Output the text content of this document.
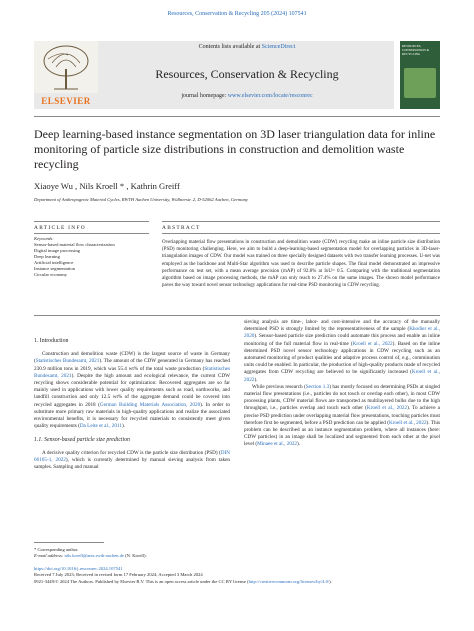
Resources, Conservation & Recycling 205 (2024) 107541
ELSEVIER
Contents lists available at ScienceDirect
Resources, Conservation & Recycling
journal homepage: www.elsevier.com/locate/resconrec
RESOURCES, CONSERVATION & RECYCLING
Deep learning-based instance segmentation on 3D laser triangulation data for inline monitoring of particle size distributions in construction and demolition waste recycling
Xiaoye Wu , Nils Kroell * , Kathrin Greiff
Department of Anthropogenic Material Cycles, RWTH Aachen University, Wüllnerstr. 2, D-52062 Aachen, Germany
ARTICLE INFO
Keywords:
Sensor-based material flow characterization
Digital image processing
Deep learning
Artificial intelligence
Instance segmentation
Circular economy
ABSTRACT
Overlapping material flow presentations in construction and demolition waste (CDW) recycling make an inline particle size distribution (PSD) monitoring challenging. Here, we aim to build a deep-learning-based segmentation model for overlapping particles in 3D-laser-triangulation images of CDW. Our model was trained on three specially designed datasets with two transfer learning processes. U-net was employed as the backbone and Multi-Star algorithm was used to describe particle shapes. The final model demonstrated an impressive performance on test set, with a mean average precision (mAP) of 92.8% at IoU= 0.5. Comparing with the traditional segmentation algorithm based on image processing methods, the mAP can only reach to 27.4% on the same images. The shown model performance paves the way toward novel sensor technology applications for real-time PSD monitoring in CDW recycling.
1. Introduction

Construction and demolition waste (CDW) is the largest source of waste in Germany (Statistisches Bundesamt, 2021). The amount of the CDW generated in Germany has reached 230.9 million tons in 2019, which was 55.4 wt% of the total waste production (Statistisches Bundesamt, 2021). Despite the high amount and ecological relevance, the current CDW recycling shows considerable potential for optimization: Recovered aggregates are so far mainly used in applications with lower quality requirements such as road, earthworks, and landfill construction and only 12.5 wt% of the aggregate demand could be covered into recycled aggregates in 2018 (German Building Materials Association, 2020). In order to substitute more primary raw materials in high-quality applications and realize the associated environmental benefits, it is necessary for recycled materials to consistently meet given quality requirements (Da Leite et al., 2011).

1.1. Sensor-based particle size prediction

A decisive quality criterion for recycled CDW is the particle size distribution (PSD) (DIN 66165-1, 2022), which is currently determined by manual sieving analysis from taken samples. Sampling and manual

sieving analysis are time-, labor- and cost-intensive and the accuracy of the manually determined PSD is strongly limited by the representativeness of the sample (Khodier et al., 2020). Sensor-based particle size prediction could automate this process and enable an inline monitoring of the full material flow in real-time (Kroell et al., 2022). Based on the inline determined PSD novel sensor technology applications in CDW recycling such as an automated monitoring of product qualities and adaptive process control of, e.g., comminution units could be enabled. In particular, the production of high-quality products made of recycled aggregates from CDW recycling are believed to be significantly increased (Kroell et al., 2022).

While previous research (Section 1.3) has mostly focused on determining PSDs at singled material flow presentations (i.e., particles do not touch or overlap each other), in most CDW processing plants, CDW material flows are transported as multilayered bulks due to the high throughput, i.e., particles overlap and touch each other (Kroell et al., 2022). To achieve a precise PSD prediction under overlapping material flow presentations, touching particles must therefore first be segmented, before a PSD prediction can be applied (Kroell et al., 2022). This problem can be described as an instance segmentation problem, where all instances (here: CDW particles) in an image shall be localized and segmented from each other at the pixel level (Minaee et al., 2022).

* Corresponding author.
E-mail address: nils.kroell@ants.rwth-aachen.de (N. Kroell).
https://doi.org/10.1016/j.resconrec.2024.107541
Received 7 July 2023; Received in revised form 17 February 2024; Accepted 3 March 2024
0921-3449/© 2024 The Authors. Published by Elsevier B.V. This is an open access article under the CC BY license (http://creativecommons.org/licenses/by/4.0/).
